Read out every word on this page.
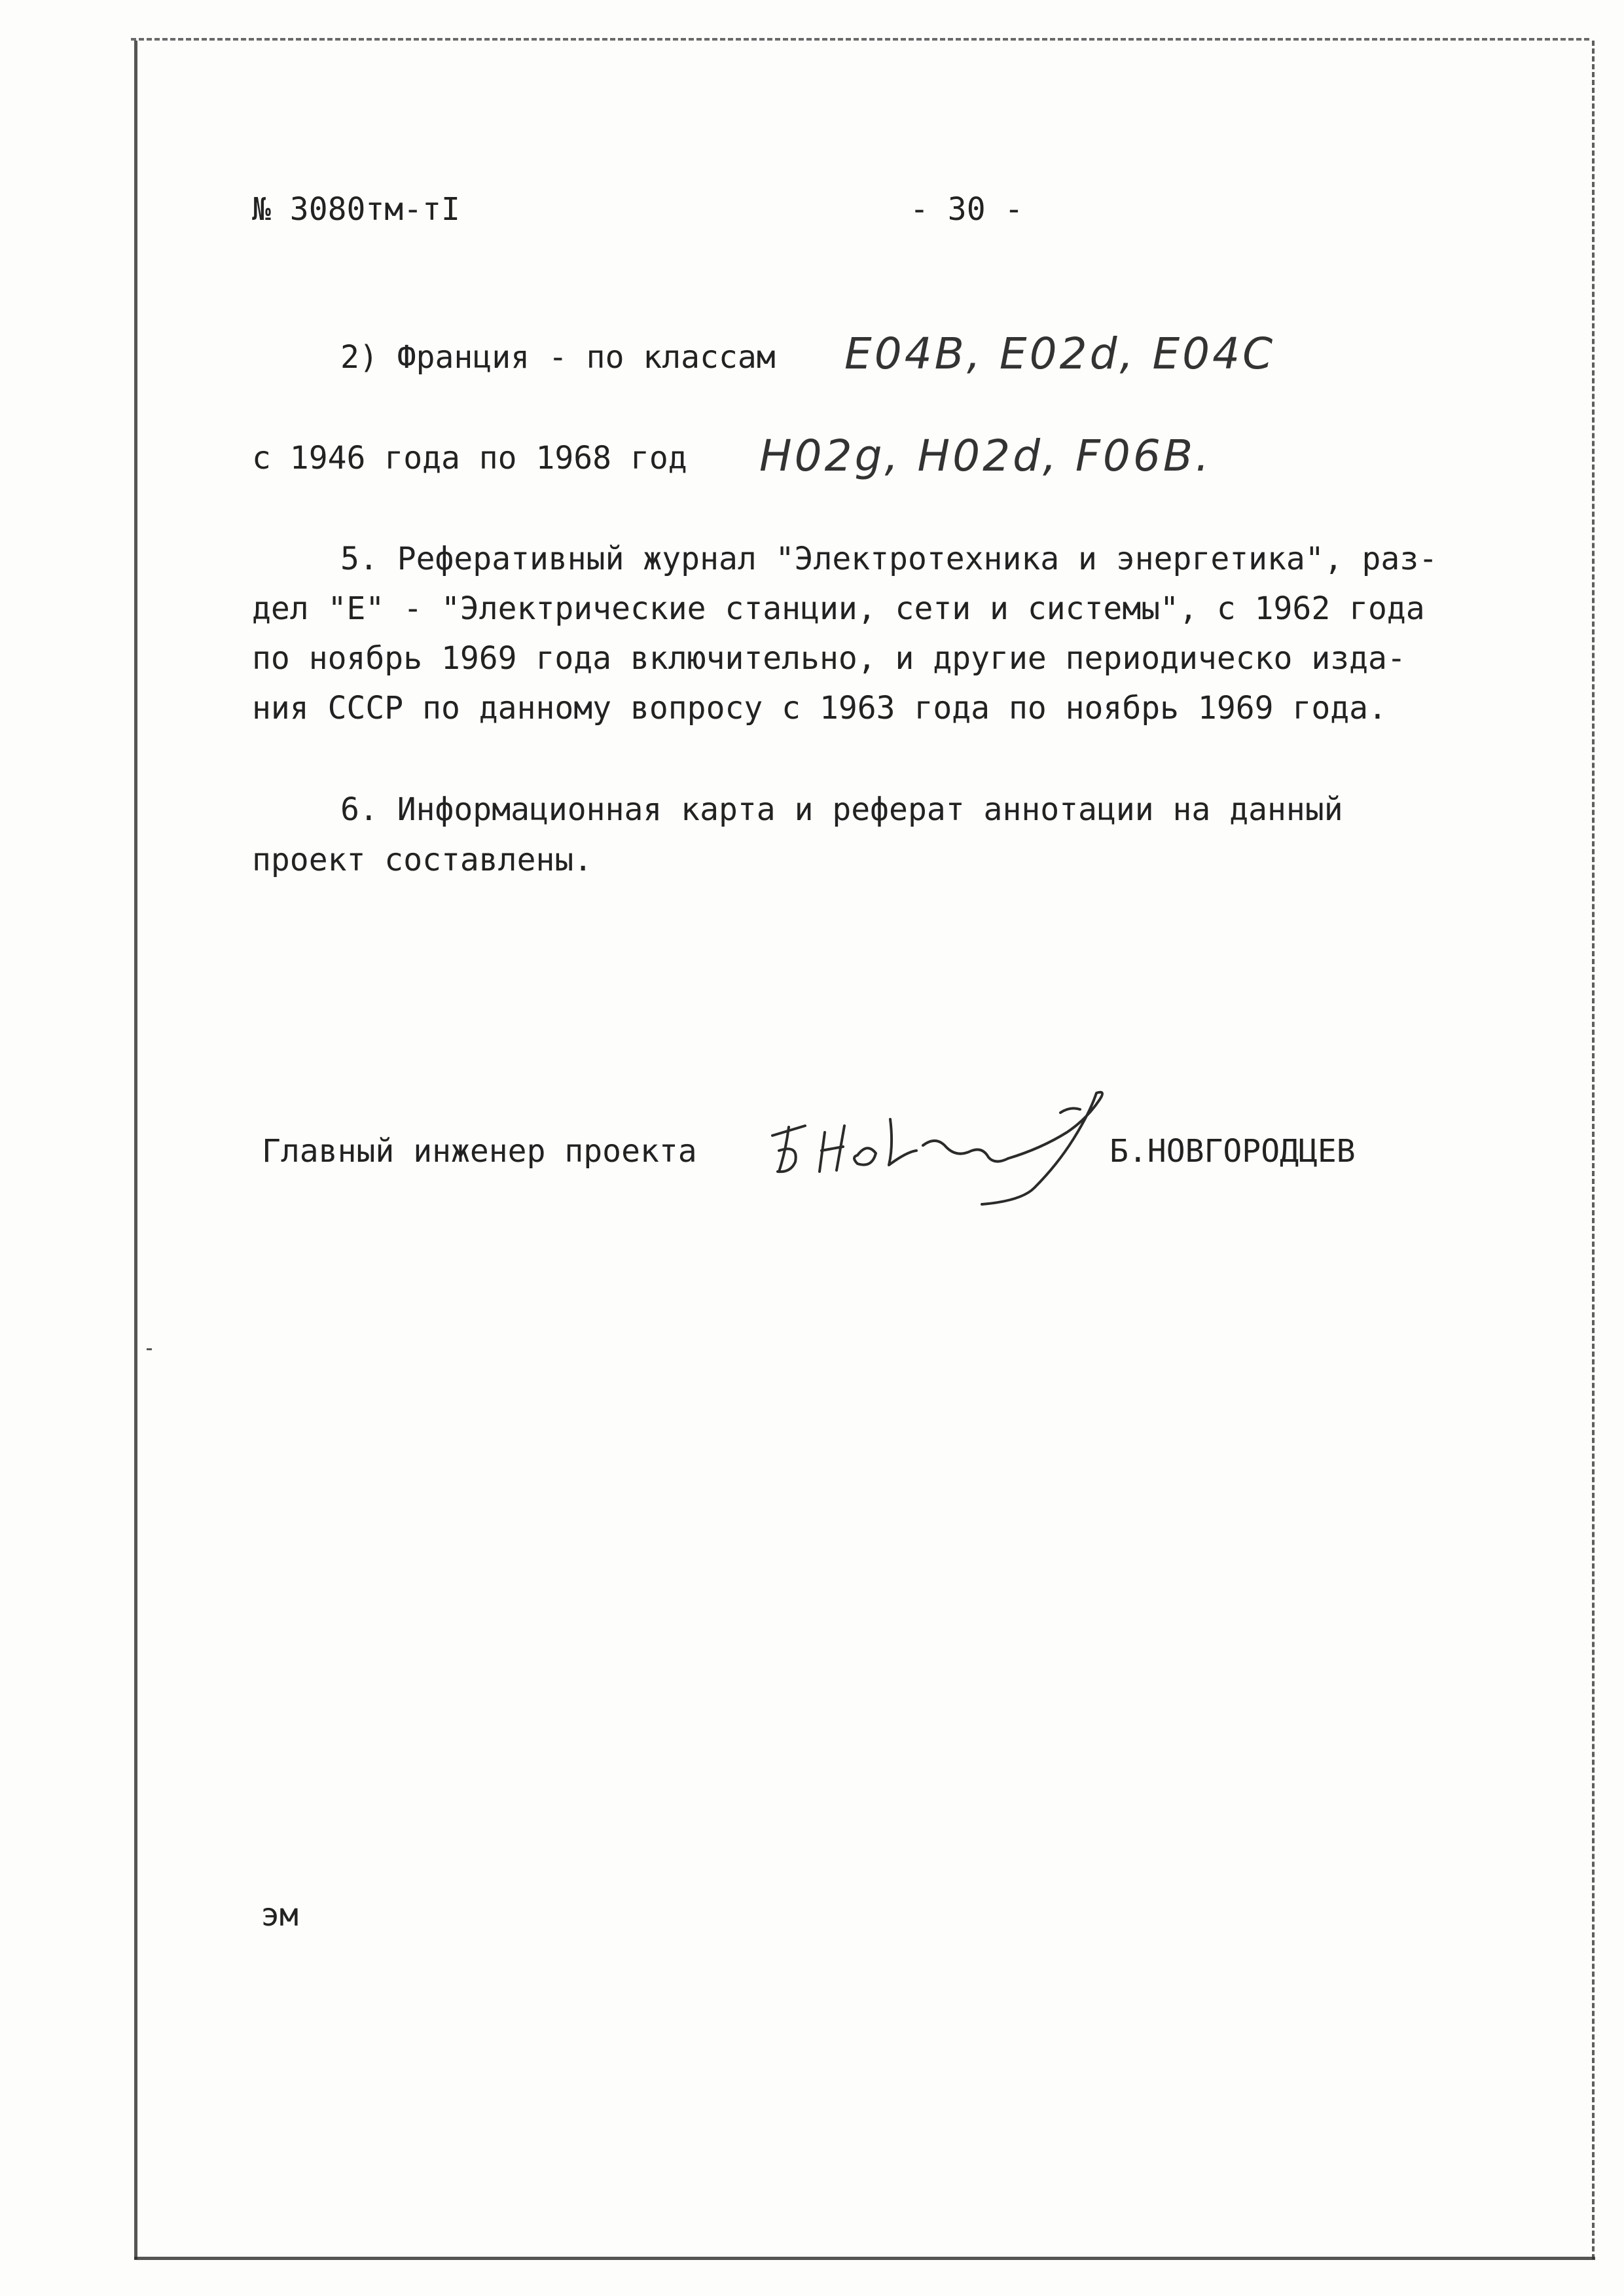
№ 3080тм-тI	- 30 -
2) Франция - по классам E04B, E02d, E04C
с 1946 года по 1968 год H02g, H02d, F06B.
5. Реферативный журнал "Электротехника и энергетика", раз-
дел "Е" - "Электрические станции, сети и системы", с 1962 года
по ноябрь 1969 года включительно, и другие периодическо издa-
ния СССР по данному вопросу с 1963 года по ноябрь 1969 года.
6. Информационная карта и реферат аннотации на данный
проект составлены.
Главный инженер проекта	Б.НОВГОРОДЦЕВ
эм
